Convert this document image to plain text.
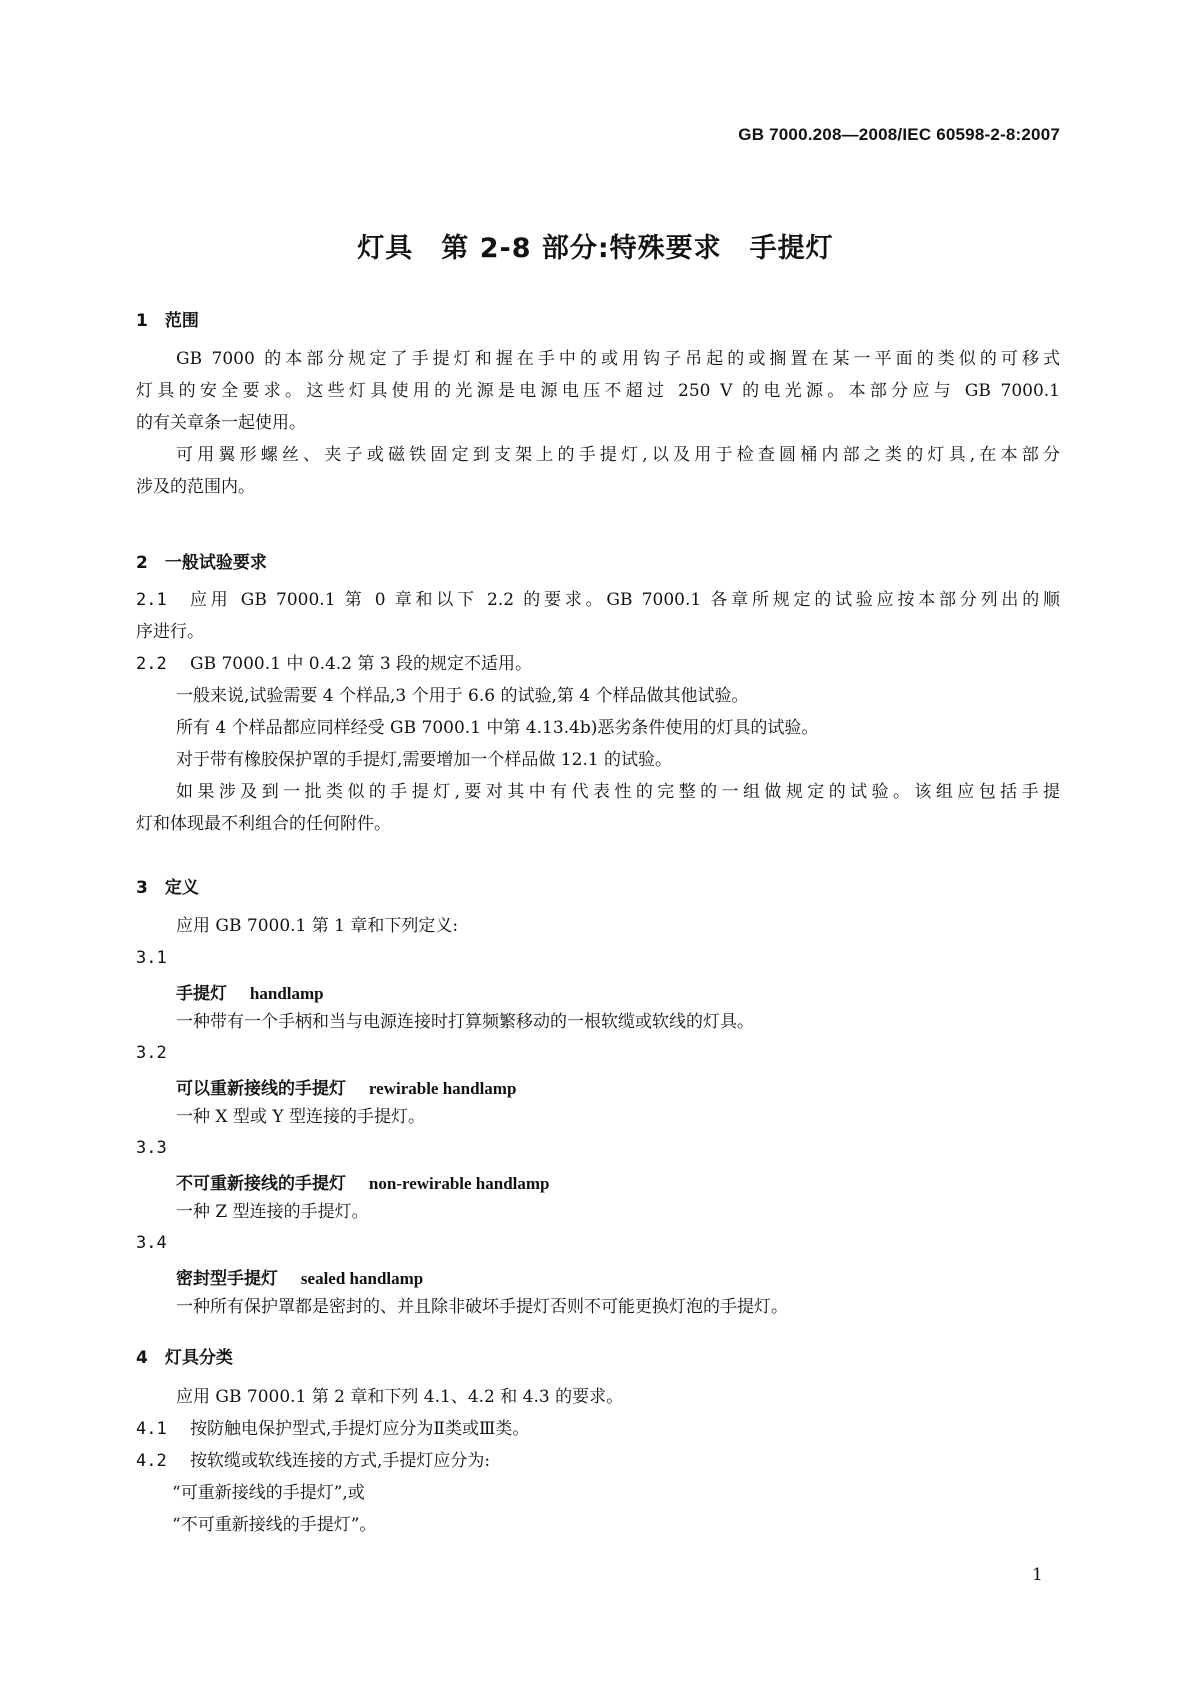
GB 7000.208—2008/IEC 60598-2-8:2007
灯具　第 2-8 部分:特殊要求　手提灯
1　范围
GB 7000 的本部分规定了手提灯和握在手中的或用钩子吊起的或搁置在某一平面的类似的可移式
灯具的安全要求。这些灯具使用的光源是电源电压不超过 250 V 的电光源。本部分应与 GB 7000.1
的有关章条一起使用。
可用翼形螺丝、夹子或磁铁固定到支架上的手提灯,以及用于检查圆桶内部之类的灯具,在本部分
涉及的范围内。
2　一般试验要求
2.1 应用 GB 7000.1 第 0 章和以下 2.2 的要求。GB 7000.1 各章所规定的试验应按本部分列出的顺
序进行。
2.2 GB 7000.1 中 0.4.2 第 3 段的规定不适用。
一般来说,试验需要 4 个样品,3 个用于 6.6 的试验,第 4 个样品做其他试验。
所有 4 个样品都应同样经受 GB 7000.1 中第 4.13.4b)恶劣条件使用的灯具的试验。
对于带有橡胶保护罩的手提灯,需要增加一个样品做 12.1 的试验。
如果涉及到一批类似的手提灯,要对其中有代表性的完整的一组做规定的试验。该组应包括手提
灯和体现最不利组合的任何附件。
3　定义
应用 GB 7000.1 第 1 章和下列定义:
3.1
手提灯　 handlamp
一种带有一个手柄和当与电源连接时打算频繁移动的一根软缆或软线的灯具。
3.2
可以重新接线的手提灯　 rewirable handlamp
一种 X 型或 Y 型连接的手提灯。
3.3
不可重新接线的手提灯　 non-rewirable handlamp
一种 Z 型连接的手提灯。
3.4
密封型手提灯　 sealed handlamp
一种所有保护罩都是密封的、并且除非破坏手提灯否则不可能更换灯泡的手提灯。
4　灯具分类
应用 GB 7000.1 第 2 章和下列 4.1、4.2 和 4.3 的要求。
4.1 按防触电保护型式,手提灯应分为Ⅱ类或Ⅲ类。
4.2 按软缆或软线连接的方式,手提灯应分为:
“可重新接线的手提灯”,或
“不可重新接线的手提灯”。
1
